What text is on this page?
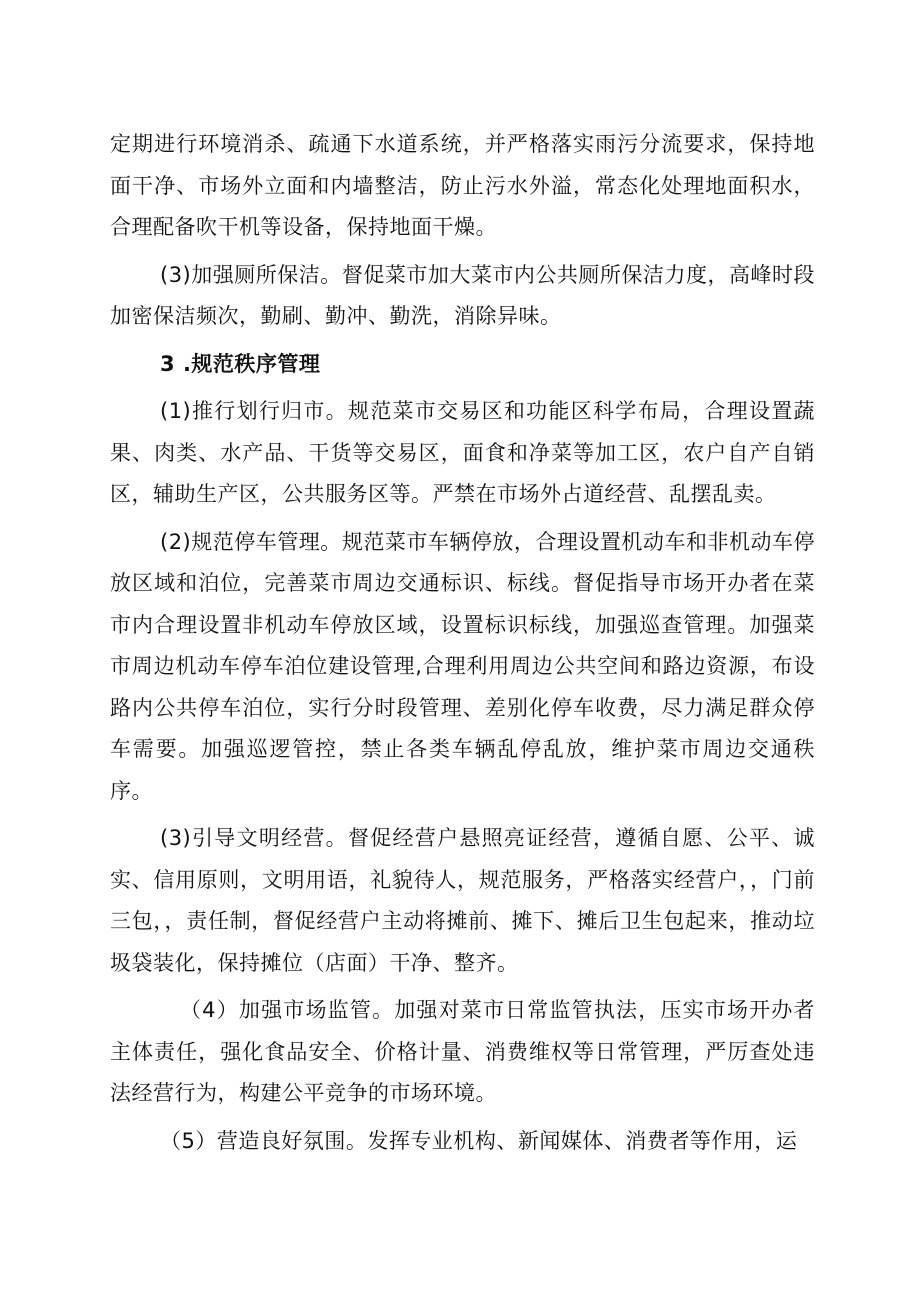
定期进行环境消杀、疏通下水道系统，并严格落实雨污分流要求，保持地面干净、市场外立面和内墙整洁，防止污水外溢，常态化处理地面积水，合理配备吹干机等设备，保持地面干燥。

(3)加强厕所保洁。督促菜市加大菜市内公共厕所保洁力度，高峰时段加密保洁频次，勤刷、勤冲、勤洗，消除异味。

3 .规范秩序管理

(1)推行划行归市。规范菜市交易区和功能区科学布局，合理设置蔬果、肉类、水产品、干货等交易区，面食和净菜等加工区，农户自产自销区，辅助生产区，公共服务区等。严禁在市场外占道经营、乱摆乱卖。

(2)规范停车管理。规范菜市车辆停放，合理设置机动车和非机动车停放区域和泊位，完善菜市周边交通标识、标线。督促指导市场开办者在菜市内合理设置非机动车停放区域，设置标识标线，加强巡查管理。加强菜市周边机动车停车泊位建设管理,合理利用周边公共空间和路边资源，布设路内公共停车泊位，实行分时段管理、差别化停车收费，尽力满足群众停车需要。加强巡逻管控，禁止各类车辆乱停乱放，维护菜市周边交通秩序。

(3)引导文明经营。督促经营户悬照亮证经营，遵循自愿、公平、诚实、信用原则，文明用语，礼貌待人，规范服务，严格落实经营户，，门前三包，，责任制，督促经营户主动将摊前、摊下、摊后卫生包起来，推动垃圾袋装化，保持摊位（店面）干净、整齐。

（4）加强市场监管。加强对菜市日常监管执法，压实市场开办者主体责任，强化食品安全、价格计量、消费维权等日常管理，严厉查处违法经营行为，构建公平竞争的市场环境。

（5）营造良好氛围。发挥专业机构、新闻媒体、消费者等作用，运
